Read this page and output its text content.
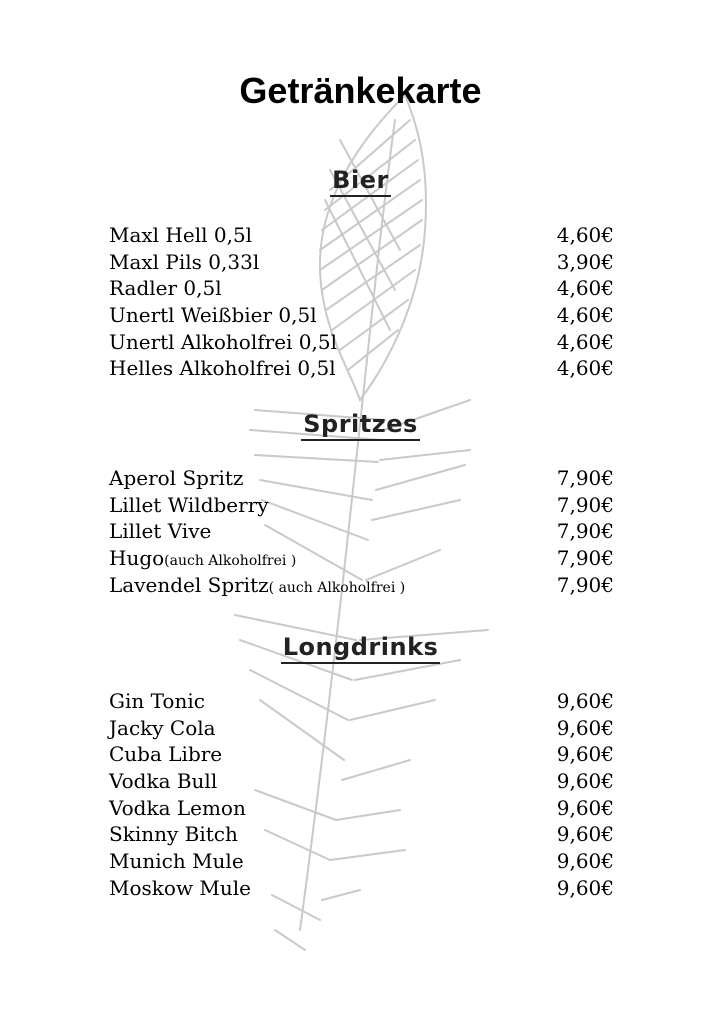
Getränkekarte
Bier
Maxl Hell 0,5l	4,60€
Maxl Pils 0,33l	3,90€
Radler 0,5l	4,60€
Unertl Weißbier 0,5l	4,60€
Unertl Alkoholfrei 0,5l	4,60€
Helles Alkoholfrei 0,5l	4,60€
Spritzes
Aperol Spritz	7,90€
Lillet Wildberry	7,90€
Lillet Vive	7,90€
Hugo(auch Alkoholfrei )	7,90€
Lavendel Spritz( auch Alkoholfrei )	7,90€
Longdrinks
Gin Tonic	9,60€
Jacky Cola	9,60€
Cuba Libre	9,60€
Vodka Bull	9,60€
Vodka Lemon	9,60€
Skinny Bitch	9,60€
Munich Mule	9,60€
Moskow Mule	9,60€
